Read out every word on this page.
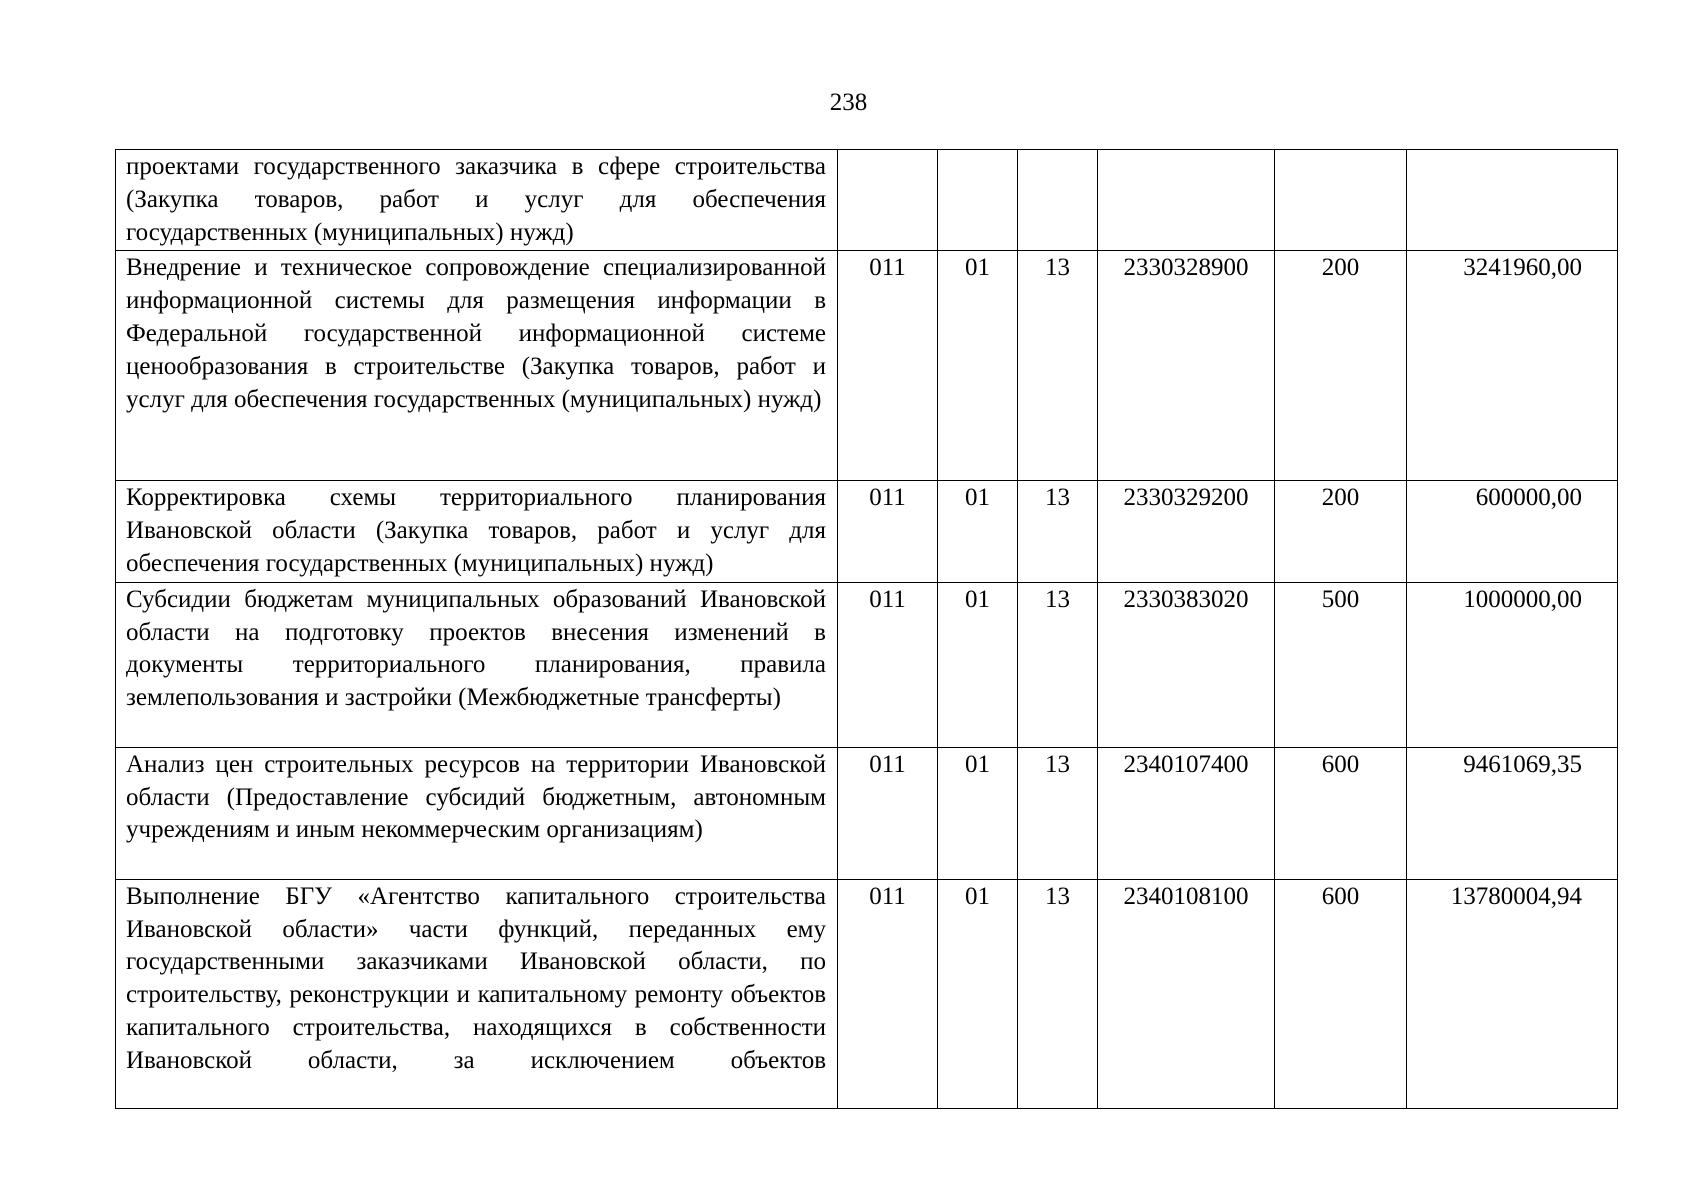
238
проектами государственного заказчика в сфере строительства (Закупка товаров, работ и услуг для обеспечения государственных (муниципальных) нужд)						
Внедрение и техническое сопровождение специализированной информационной системы для размещения информации в Федеральной государственной информационной системе ценообразования в строительстве (Закупка товаров, работ и услуг для обеспечения государственных (муниципальных) нужд)	011	01	13	2330328900	200	3241960,00
Корректировка схемы территориального планирования Ивановской области (Закупка товаров, работ и услуг для обеспечения государственных (муниципальных) нужд)	011	01	13	2330329200	200	600000,00
Субсидии бюджетам муниципальных образований Ивановской области на подготовку проектов внесения изменений в документы территориального планирования, правила землепользования и застройки (Межбюджетные трансферты)	011	01	13	2330383020	500	1000000,00
Анализ цен строительных ресурсов на территории Ивановской области (Предоставление субсидий бюджетным, автономным учреждениям и иным некоммерческим организациям)	011	01	13	2340107400	600	9461069,35
Выполнение БГУ «Агентство капитального строительства Ивановской области» части функций, переданных ему государственными заказчиками Ивановской области, по строительству, реконструкции и капитальному ремонту объектов капитального строительства, находящихся в собственности Ивановской области, за исключением объектов	011	01	13	2340108100	600	13780004,94
